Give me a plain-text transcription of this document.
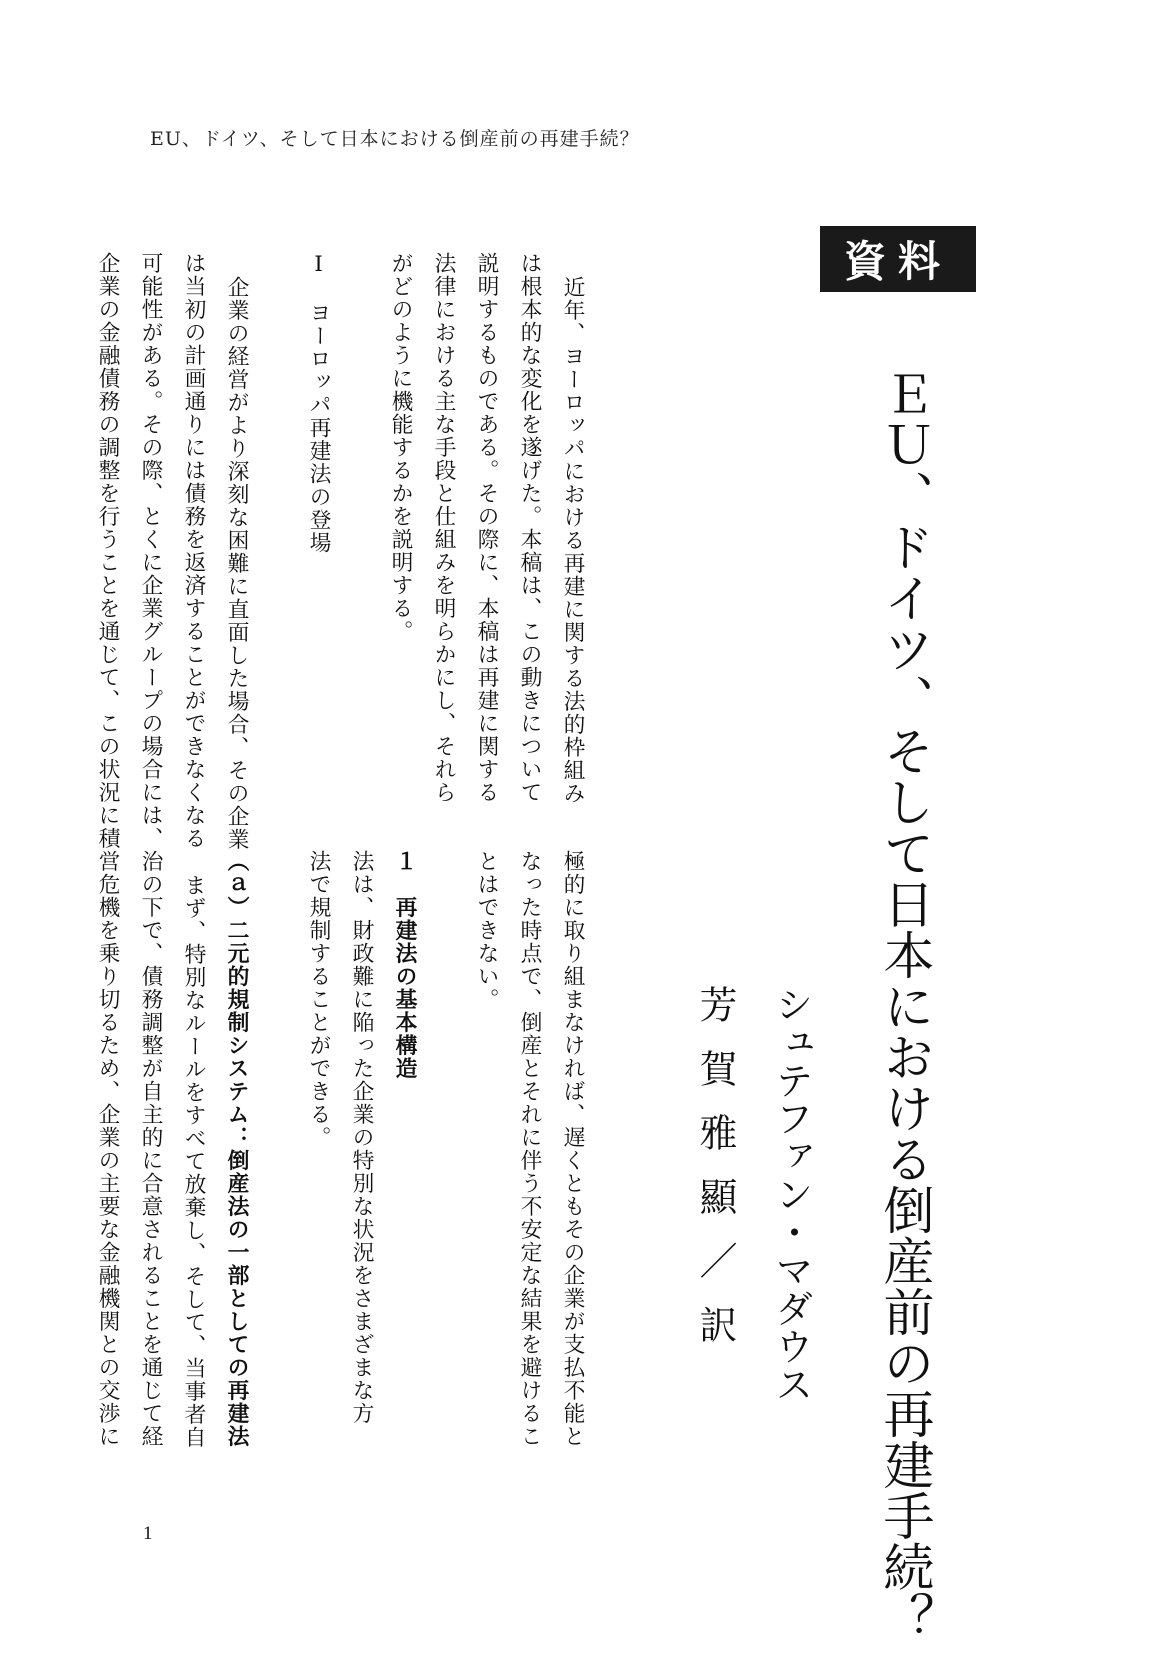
EU、ドイツ、そして日本における倒産前の再建手続？
資料
ＥＵ、ドイツ、そして日本における倒産前の再建手続？
シュテファン・マダウス
芳賀雅顯／訳
近年、ヨーロッパにおける再建に関する法的枠組み
は根本的な変化を遂げた。本稿は、この動きについて
説明するものである。その際に、本稿は再建に関する
法律における主な手段と仕組みを明らかにし、それら
がどのように機能するかを説明する。
Ⅰ　ヨーロッパ再建法の登場
企業の経営がより深刻な困難に直面した場合、その企業
は当初の計画通りには債務を返済することができなくなる
可能性がある。その際、とくに企業グループの場合には、
企業の金融債務の調整を行うことを通じて、この状況に積
極的に取り組まなければ、遅くともその企業が支払不能と
なった時点で、倒産とそれに伴う不安定な結果を避けるこ
とはできない。
１　再建法の基本構造
法は、財政難に陥った企業の特別な状況をさまざまな方
法で規制することができる。
（ａ）二元的規制システム：倒産法の一部としての再建法
まず、特別なルールをすべて放棄し、そして、当事者自
治の下で、債務調整が自主的に合意されることを通じて経
営危機を乗り切るため、企業の主要な金融機関との交渉に
1
